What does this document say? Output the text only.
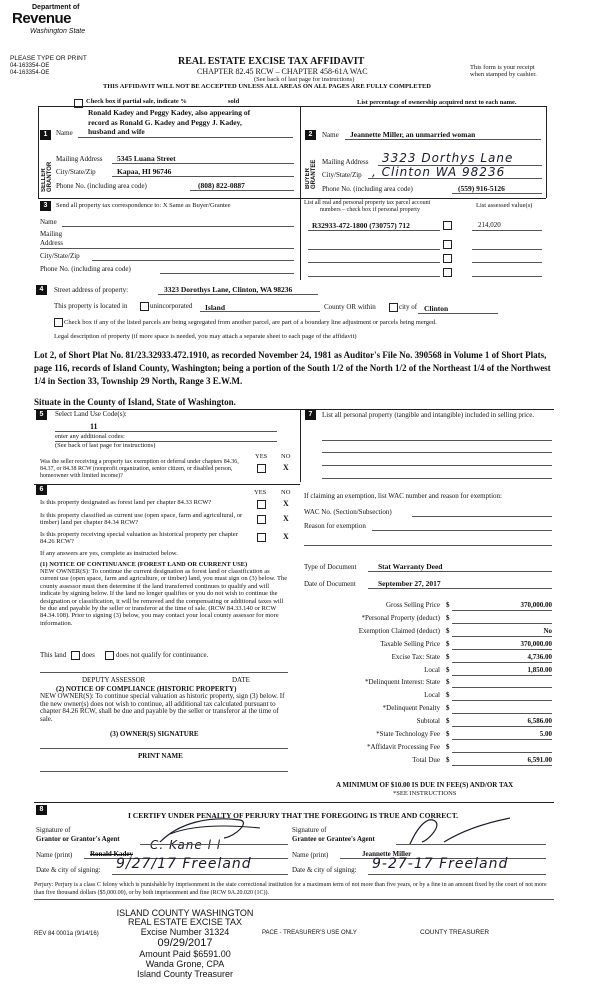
Department of
Revenue
Washington State
PLEASE TYPE OR PRINT
04-163354-OE
04-163354-OE
REAL ESTATE EXCISE TAX AFFIDAVIT
CHAPTER 82.45 RCW – CHAPTER 458-61A WAC
(See back of last page for instructions)
This form is your receipt
when stamped by cashier.
THIS AFFIDAVIT WILL NOT BE ACCEPTED UNLESS ALL AREAS ON ALL PAGES ARE FULLY COMPLETED
Check box if partial sale, indicate %	sold	List percentage of ownership acquired next to each name.
1
SELLER GRANTOR
Ronald Kadey and Peggy Kadey, also appearing of
record as Ronald G. Kadey and Peggy J. Kadey,
Name husband and wife
Mailing Address 5345 Luana Street
City/State/Zip	Kapaa, HI 96746
Phone No. (including area code)	(808) 822-0887
2
BUYER GRANTEE
Name Jeannette Miller, an unmarried woman
Mailing Address 3323 Dorthys Lane
City/State/Zip , Clinton WA 98236
Phone No. (including area code)	(559) 916-5126
3	Send all property tax correspondence to: X Same as Buyer/Grantee
Name
Mailing Address
City/State/Zip
Phone No. (including area code)
List all real and personal property tax parcel account
numbers – check box if personal property
List assessed value(s)
R32933-472-1800 (730757) 712	214,020
4	Street address of property:	3323 Dorothys Lane, Clinton, WA 98236
This property is located in	unincorporated Island	County OR within	city of Clinton
Check box if any of the listed parcels are being segregated from another parcel, are part of a boundary line adjustment or parcels being merged.
Legal description of property (if more space is needed, you may attach a separate sheet to each page of the affidavit)
Lot 2, of Short Plat No. 81/23.32933.472.1910, as recorded November 24, 1981 as Auditor's File No. 390568 in Volume 1 of Short Plats, page 116, records of Island County, Washington; being a portion of the South 1/2 of the North 1/2 of the Northeast 1/4 of the Northwest 1/4 in Section 33, Township 29 North, Range 3 E.W.M.
Situate in the County of Island, State of Washington.
5	Select Land Use Code(s):
11
enter any additional codes:
(See back of last page for instructions)
YES NO
Was the seller receiving a property tax exemption or deferral under chapters 84.36, 84.37, or 84.38 RCW (nonprofit organization, senior citizen, or disabled person, homeowner with limited income)?
X
6	YES NO
Is this property designated as forest land per chapter 84.33 RCW?	X
Is this property classified as current use (open space, farm and agricultural, or timber) land per chapter 84.34 RCW?	X
Is this property receiving special valuation as historical property per chapter 84.26 RCW?
X
If any answers are yes, complete as instructed below.
(1) NOTICE OF CONTINUANCE (FOREST LAND OR CURRENT USE)
NEW OWNER(S): To continue the current designation as forest land or classification as current use (open space, farm and agriculture, or timber) land, you must sign on (3) below. The county assessor must then determine if the land transferred continues to qualify and will indicate by signing below. If the land no longer qualifies or you do not wish to continue the designation or classification, it will be removed and the compensating or additional taxes will be due and payable by the seller or transferor at the time of sale. (RCW 84.33.140 or RCW 84.34.108). Prior to signing (3) below, you may contact your local county assessor for more information.
This land does	does not qualify for continuance.
DEPUTY ASSESSOR	DATE
(2) NOTICE OF COMPLIANCE (HISTORIC PROPERTY)
NEW OWNER(S): To continue special valuation as historic property, sign (3) below. If the new owner(s) does not wish to continue, all additional tax calculated pursuant to chapter 84.26 RCW, shall be due and payable by the seller or transferor at the time of sale.
(3) OWNER(S) SIGNATURE
PRINT NAME
7	List all personal property (tangible and intangible) included in selling price.
If claiming an exemption, list WAC number and reason for exemption:
WAC No. (Section/Subsection)
Reason for exemption
Type of Document	Stat Warranty Deed
Date of Document	September 27, 2017
Gross Selling Price $	370,000.00
*Personal Property (deduct) $
Exemption Claimed (deduct) $	No
Taxable Selling Price $	370,000.00
Excise Tax: State $	4,736.00
Local $	1,850.00
*Delinquent Interest: State $
Local $
*Delinquent Penalty $
Subtotal $	6,586.00
*State Technology Fee $	5.00
*Affidavit Processing Fee $
Total Due $	6,591.00
A MINIMUM OF $10.00 IS DUE IN FEE(S) AND/OR TAX
*SEE INSTRUCTIONS
8
I CERTIFY UNDER PENALTY OF PERJURY THAT THE FOREGOING IS TRUE AND CORRECT.
Signature of
Grantor or Grantor's Agent	C. Kane l l
Name (print)	Ronald Kadey
Date & city of signing: 9/27/17 Freeland
Signature of
Grantee or Grantee's Agent
Name (print)	Jeannette Miller
Date & city of signing: 9-27-17 Freeland
Perjury: Perjury is a class C felony which is punishable by imprisonment in the state correctional institution for a maximum term of not more than five years, or by a fine in an amount fixed by the court of not more than five thousand dollars ($5,000.00), or by both imprisonment and fine (RCW 9A.20.020 (1C)).
REV 84 0001a (9/14/16)	PACE - TREASURER'S USE ONLY	COUNTY TREASURER
ISLAND COUNTY WASHINGTON
REAL ESTATE EXCISE TAX
Excise Number 31324
09/29/2017
Amount Paid $6591.00
Wanda Grone, CPA
Island County Treasurer
